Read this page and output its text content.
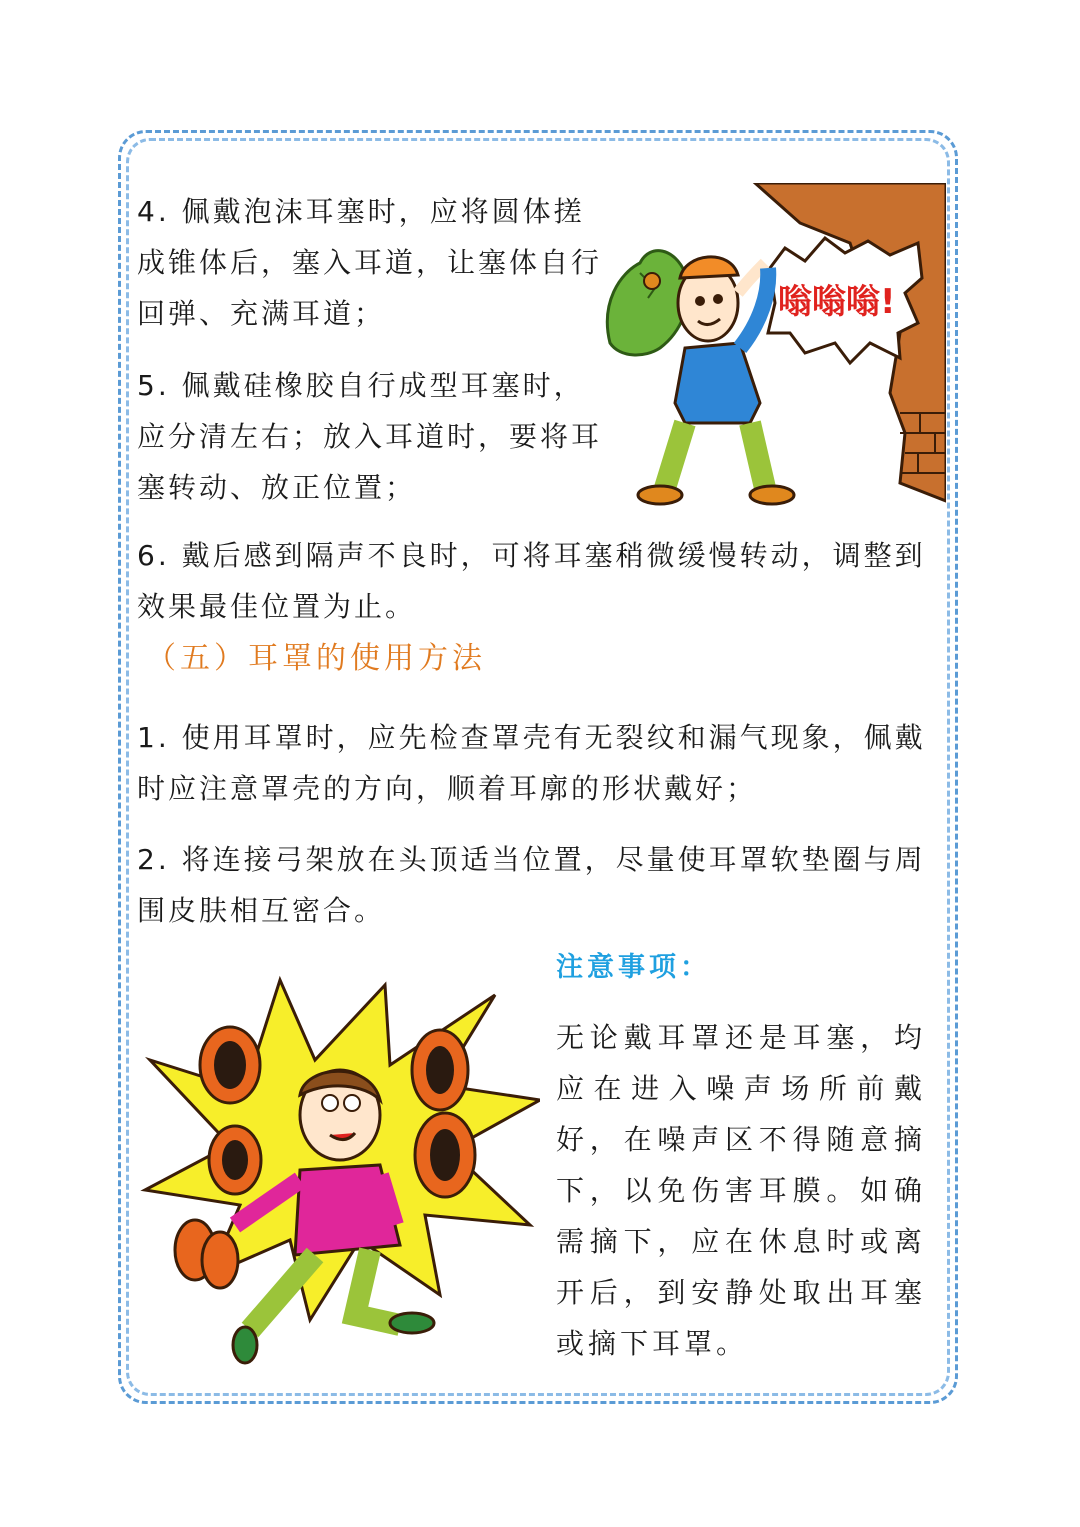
4. 佩戴泡沫耳塞时，应将圆体搓成锥体后，塞入耳道，让塞体自行回弹、充满耳道；

5. 佩戴硅橡胶自行成型耳塞时，应分清左右；放入耳道时，要将耳塞转动、放正位置；

6. 戴后感到隔声不良时，可将耳塞稍微缓慢转动，调整到效果最佳位置为止。

（五）耳罩的使用方法

1. 使用耳罩时，应先检查罩壳有无裂纹和漏气现象，佩戴时应注意罩壳的方向，顺着耳廓的形状戴好；

2. 将连接弓架放在头顶适当位置，尽量使耳罩软垫圈与周围皮肤相互密合。

注意事项：

无论戴耳罩还是耳塞，均应在进入噪声场所前戴好，在噪声区不得随意摘下，以免伤害耳膜。如确需摘下，应在休息时或离开后，到安静处取出耳塞或摘下耳罩。

嗡嗡嗡!
